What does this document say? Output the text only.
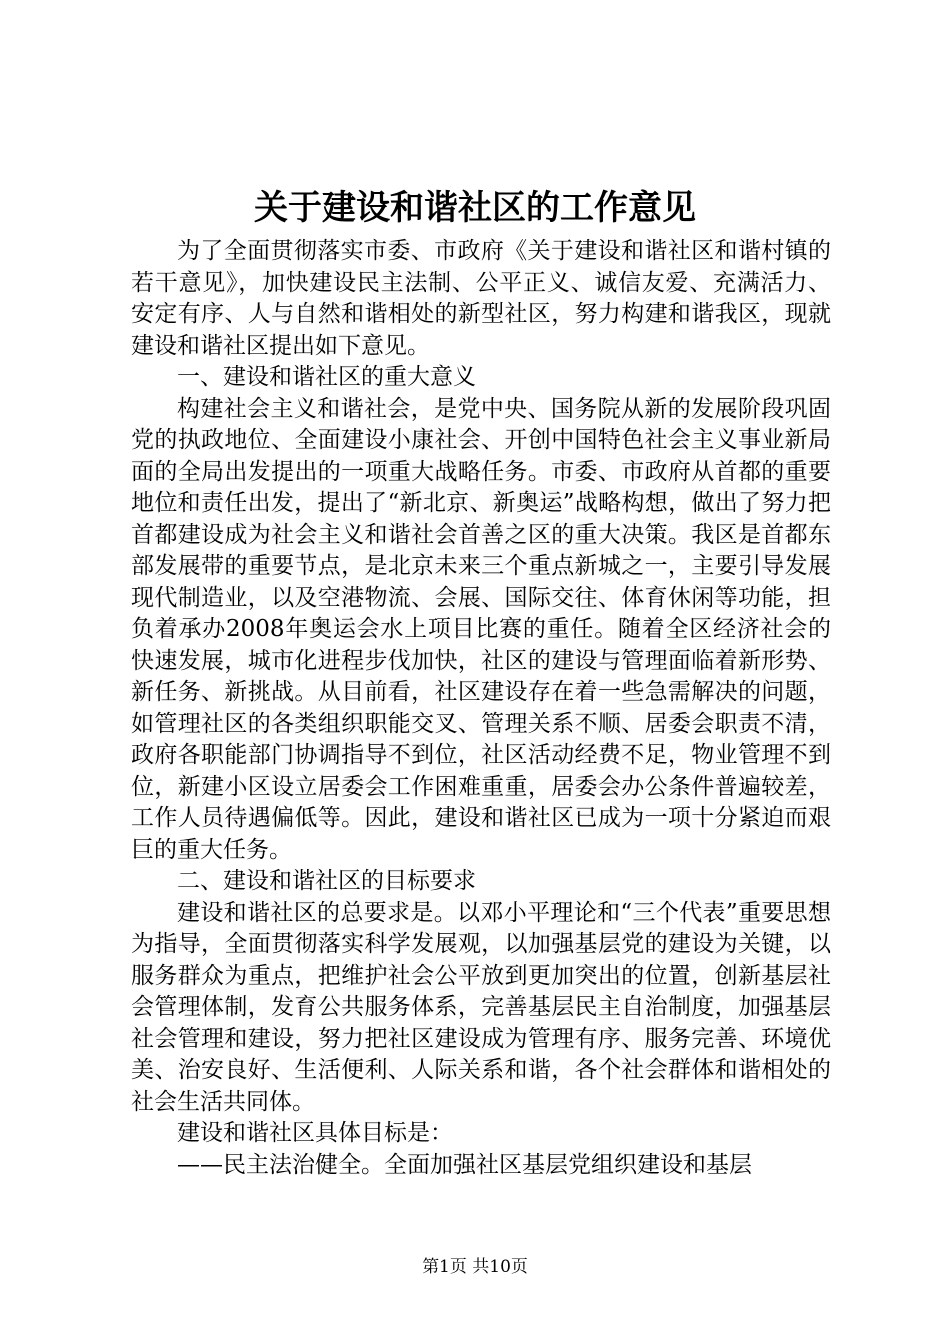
关于建设和谐社区的工作意见

为了全面贯彻落实市委、市政府《关于建设和谐社区和谐村镇的若干意见》，加快建设民主法制、公平正义、诚信友爱、充满活力、安定有序、人与自然和谐相处的新型社区，努力构建和谐我区，现就建设和谐社区提出如下意见。

一、建设和谐社区的重大意义

构建社会主义和谐社会，是党中央、国务院从新的发展阶段巩固党的执政地位、全面建设小康社会、开创中国特色社会主义事业新局面的全局出发提出的一项重大战略任务。市委、市政府从首都的重要地位和责任出发，提出了“新北京、新奥运”战略构想，做出了努力把首都建设成为社会主义和谐社会首善之区的重大决策。我区是首都东部发展带的重要节点，是北京未来三个重点新城之一，主要引导发展现代制造业，以及空港物流、会展、国际交往、体育休闲等功能，担负着承办2008年奥运会水上项目比赛的重任。随着全区经济社会的快速发展，城市化进程步伐加快，社区的建设与管理面临着新形势、新任务、新挑战。从目前看，社区建设存在着一些急需解决的问题，如管理社区的各类组织职能交叉、管理关系不顺、居委会职责不清，政府各职能部门协调指导不到位，社区活动经费不足，物业管理不到位，新建小区设立居委会工作困难重重，居委会办公条件普遍较差，工作人员待遇偏低等。因此，建设和谐社区已成为一项十分紧迫而艰巨的重大任务。

二、建设和谐社区的目标要求

建设和谐社区的总要求是。以邓小平理论和“三个代表”重要思想为指导，全面贯彻落实科学发展观，以加强基层党的建设为关键，以服务群众为重点，把维护社会公平放到更加突出的位置，创新基层社会管理体制，发育公共服务体系，完善基层民主自治制度，加强基层社会管理和建设，努力把社区建设成为管理有序、服务完善、环境优美、治安良好、生活便利、人际关系和谐，各个社会群体和谐相处的社会生活共同体。

建设和谐社区具体目标是：

——民主法治健全。全面加强社区基层党组织建设和基层

第1页 共10页
